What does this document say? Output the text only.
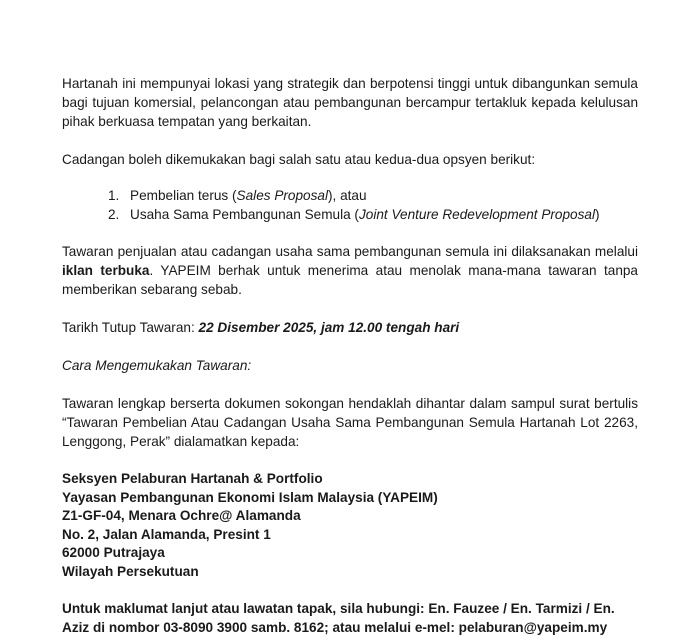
Hartanah ini mempunyai lokasi yang strategik dan berpotensi tinggi untuk dibangunkan semula bagi tujuan komersial, pelancongan atau pembangunan bercampur tertakluk kepada kelulusan pihak berkuasa tempatan yang berkaitan.

Cadangan boleh dikemukakan bagi salah satu atau kedua-dua opsyen berikut:

1. Pembelian terus (Sales Proposal), atau
2. Usaha Sama Pembangunan Semula (Joint Venture Redevelopment Proposal)

Tawaran penjualan atau cadangan usaha sama pembangunan semula ini dilaksanakan melalui iklan terbuka. YAPEIM berhak untuk menerima atau menolak mana-mana tawaran tanpa memberikan sebarang sebab.

Tarikh Tutup Tawaran: 22 Disember 2025, jam 12.00 tengah hari

Cara Mengemukakan Tawaran:

Tawaran lengkap berserta dokumen sokongan hendaklah dihantar dalam sampul surat bertulis “Tawaran Pembelian Atau Cadangan Usaha Sama Pembangunan Semula Hartanah Lot 2263, Lenggong, Perak” dialamatkan kepada:

Seksyen Pelaburan Hartanah & Portfolio
Yayasan Pembangunan Ekonomi Islam Malaysia (YAPEIM)
Z1-GF-04, Menara Ochre@ Alamanda
No. 2, Jalan Alamanda, Presint 1
62000 Putrajaya
Wilayah Persekutuan

Untuk maklumat lanjut atau lawatan tapak, sila hubungi: En. Fauzee / En. Tarmizi / En. Aziz di nombor 03-8090 3900 samb. 8162; atau melalui e-mel: pelaburan@yapeim.my
